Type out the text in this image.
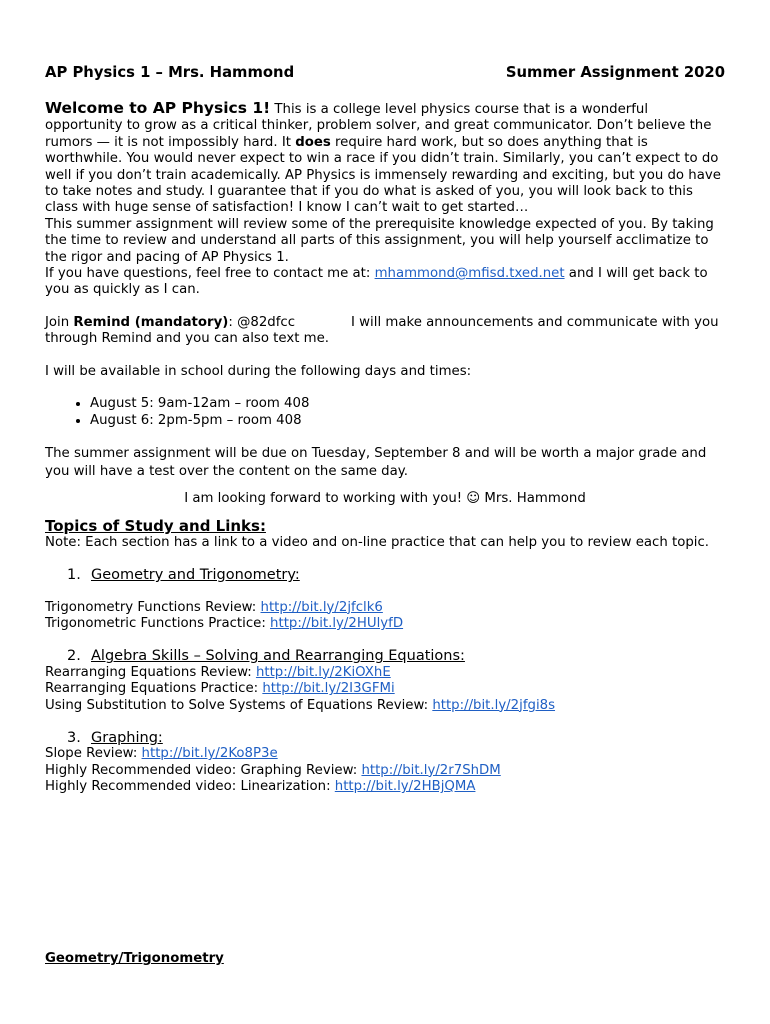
AP Physics 1 – Mrs. Hammond	Summer Assignment 2020

Welcome to AP Physics 1! This is a college level physics course that is a wonderful opportunity to grow as a critical thinker, problem solver, and great communicator. Don’t believe the rumors — it is not impossibly hard. It does require hard work, but so does anything that is worthwhile. You would never expect to win a race if you didn’t train. Similarly, you can’t expect to do well if you don’t train academically. AP Physics is immensely rewarding and exciting, but you do have to take notes and study. I guarantee that if you do what is asked of you, you will look back to this class with huge sense of satisfaction! I know I can’t wait to get started…

This summer assignment will review some of the prerequisite knowledge expected of you. By taking the time to review and understand all parts of this assignment, you will help yourself acclimatize to the rigor and pacing of AP Physics 1.

If you have questions, feel free to contact me at: mhammond@mfisd.txed.net and I will get back to you as quickly as I can.

Join Remind (mandatory): @82dfcc	I will make announcements and communicate with you through Remind and you can also text me.

I will be available in school during the following days and times:

• August 5: 9am-12am – room 408
• August 6: 2pm-5pm – room 408

The summer assignment will be due on Tuesday, September 8 and will be worth a major grade and you will have a test over the content on the same day.

I am looking forward to working with you! ☺ Mrs. Hammond

Topics of Study and Links:

Note: Each section has a link to a video and on-line practice that can help you to review each topic.

1. Geometry and Trigonometry:

Trigonometry Functions Review: http://bit.ly/2jfclk6

Trigonometric Functions Practice: http://bit.ly/2HUlyfD

2. Algebra Skills – Solving and Rearranging Equations:

Rearranging Equations Review: http://bit.ly/2KiOXhE

Rearranging Equations Practice: http://bit.ly/2I3GFMi

Using Substitution to Solve Systems of Equations Review: http://bit.ly/2jfgi8s

3. Graphing:

Slope Review: http://bit.ly/2Ko8P3e

Highly Recommended video: Graphing Review: http://bit.ly/2r7ShDM

Highly Recommended video: Linearization: http://bit.ly/2HBjQMA

Geometry/Trigonometry
